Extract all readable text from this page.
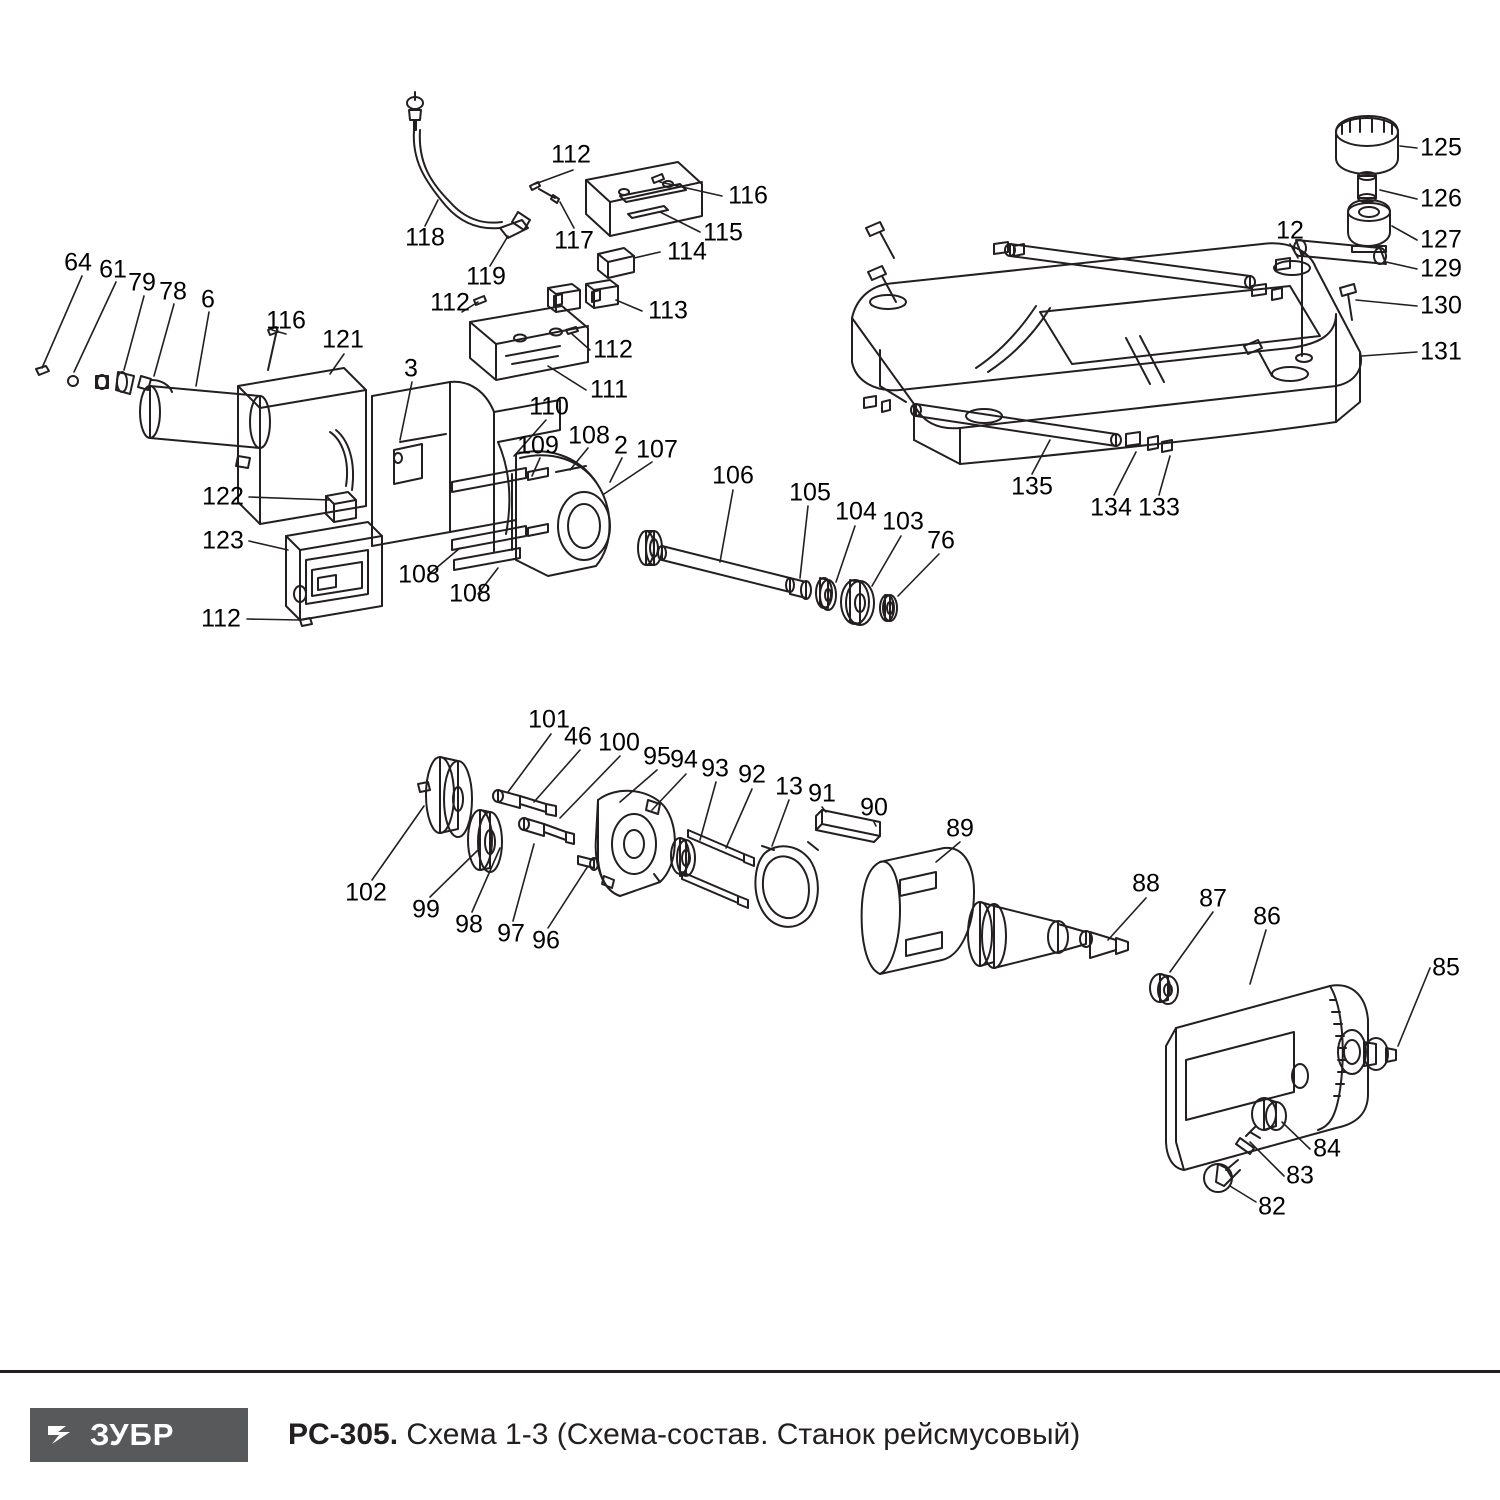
112
116
115
118	117	114
119
113
112
112
111
64 61 79 78 6
116
121
3
110
109 108 2 107
106
105
104 103
76
122
123
112
108
108
12
125
126
127
129
130
131
135
134 133
101
46 100 95 94 93 92 13 91 90
89
88
87
86
85
102
99
98 97 96
84
83
82
ЗУБР	PC-305. Схема 1-3 (Схема-состав. Станок рейсмусовый)
